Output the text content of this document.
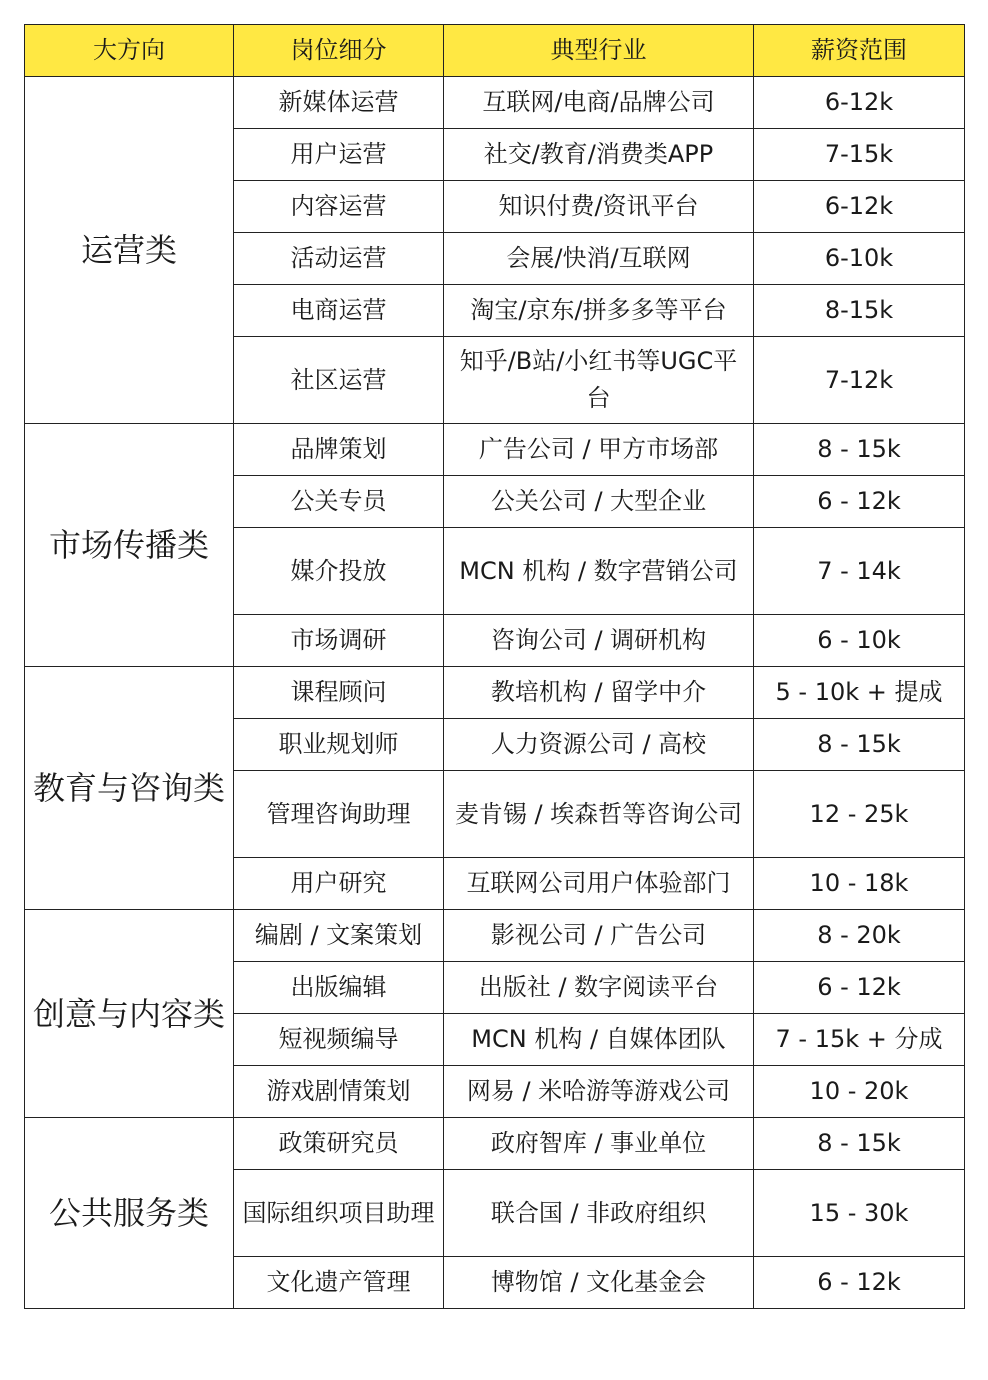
大方向	岗位细分	典型行业	薪资范围
运营类	新媒体运营	互联网/电商/品牌公司	6-12k
	用户运营	社交/教育/消费类APP	7-15k
	内容运营	知识付费/资讯平台	6-12k
	活动运营	会展/快消/互联网	6-10k
	电商运营	淘宝/京东/拼多多等平台	8-15k
	社区运营	知乎/B站/小红书等UGC平台	7-12k
市场传播类	品牌策划	广告公司 / 甲方市场部	8 - 15k
	公关专员	公关公司 / 大型企业	6 - 12k
	媒介投放	MCN 机构 / 数字营销公司	7 - 14k
	市场调研	咨询公司 / 调研机构	6 - 10k
教育与咨询类	课程顾问	教培机构 / 留学中介	5 - 10k + 提成
	职业规划师	人力资源公司 / 高校	8 - 15k
	管理咨询助理	麦肯锡 / 埃森哲等咨询公司	12 - 25k
	用户研究	互联网公司用户体验部门	10 - 18k
创意与内容类	编剧 / 文案策划	影视公司 / 广告公司	8 - 20k
	出版编辑	出版社 / 数字阅读平台	6 - 12k
	短视频编导	MCN 机构 / 自媒体团队	7 - 15k + 分成
	游戏剧情策划	网易 / 米哈游等游戏公司	10 - 20k
公共服务类	政策研究员	政府智库 / 事业单位	8 - 15k
	国际组织项目助理	联合国 / 非政府组织	15 - 30k
	文化遗产管理	博物馆 / 文化基金会	6 - 12k
